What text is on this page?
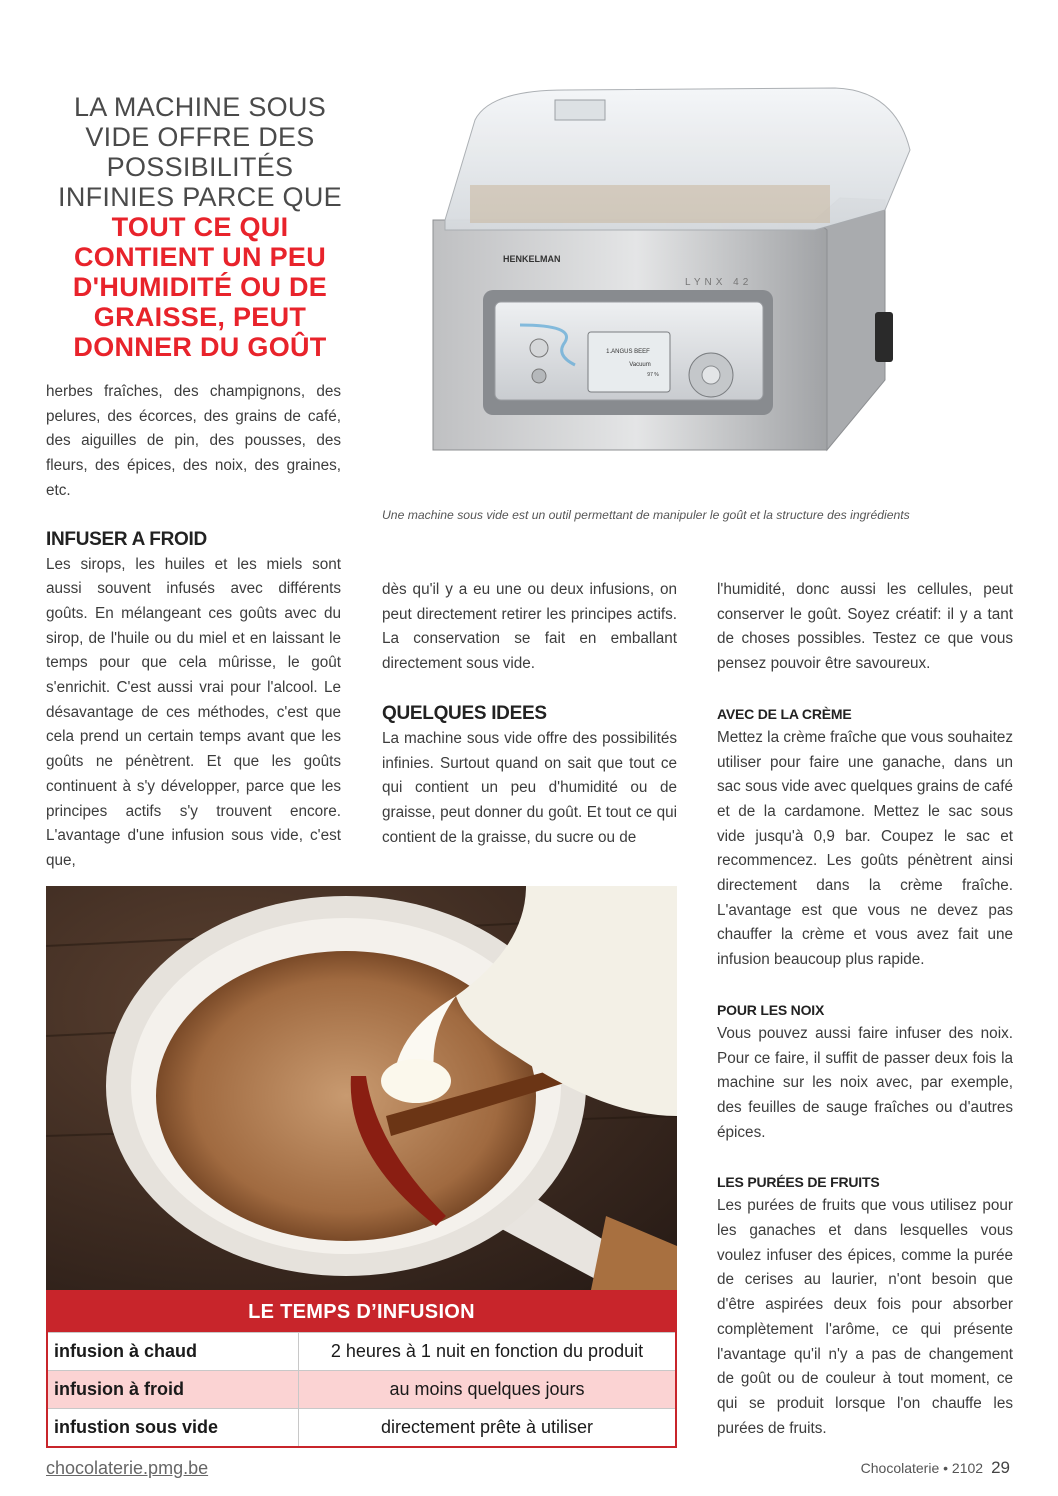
LA MACHINE SOUS VIDE OFFRE DES POSSIBILITÉS INFINIES PARCE QUE
TOUT CE QUI CONTIENT UN PEU D'HUMIDITÉ OU DE GRAISSE, PEUT DONNER DU GOÛT
HENKELMAN
LYNX 42
1.ANGUS BEEF
Vacuum
97 %
Une machine sous vide est un outil permettant de manipuler le goût et la structure des ingrédients

herbes fraîches, des champignons, des pelures, des écorces, des grains de café, des aiguilles de pin, des pousses, des fleurs, des épices, des noix, des graines, etc.

INFUSER A FROID

Les sirops, les huiles et les miels sont aussi souvent infusés avec différents goûts. En mélangeant ces goûts avec du sirop, de l'huile ou du miel et en laissant le temps pour que cela mûrisse, le goût s'enrichit. C'est aussi vrai pour l'alcool. Le désavantage de ces méthodes, c'est que cela prend un certain temps avant que les goûts ne pénètrent. Et que les goûts continuent à s'y développer, parce que les principes actifs s'y trouvent encore. L'avantage d'une infusion sous vide, c'est que,

dès qu'il y a eu une ou deux infusions, on peut directement retirer les principes actifs. La conservation se fait en emballant directement sous vide.

QUELQUES IDEES

La machine sous vide offre des possibilités infinies. Surtout quand on sait que tout ce qui contient un peu d'humidité ou de graisse, peut donner du goût. Et tout ce qui contient de la graisse, du sucre ou de

l'humidité, donc aussi les cellules, peut conserver le goût. Soyez créatif: il y a tant de choses possibles. Testez ce que vous pensez pouvoir être savoureux.

AVEC DE LA CRÈME

Mettez la crème fraîche que vous souhaitez utiliser pour faire une ganache, dans un sac sous vide avec quelques grains de café et de la cardamone. Mettez le sac sous vide jusqu'à 0,9 bar. Coupez le sac et recommencez. Les goûts pénètrent ainsi directement dans la crème fraîche. L'avantage est que vous ne devez pas chauffer la crème et vous avez fait une infusion beaucoup plus rapide.

POUR LES NOIX

Vous pouvez aussi faire infuser des noix. Pour ce faire, il suffit de passer deux fois la machine sur les noix avec, par exemple, des feuilles de sauge fraîches ou d'autres épices.

LES PURÉES DE FRUITS

Les purées de fruits que vous utilisez pour les ganaches et dans lesquelles vous voulez infuser des épices, comme la purée de cerises au laurier, n'ont besoin que d'être aspirées deux fois pour absorber complètement l'arôme, ce qui présente l'avantage qu'il n'y a pas de changement de goût ou de couleur à tout moment, ce qui se produit lorsque l'on chauffe les purées de fruits.

LE TEMPS D’INFUSION
infusion à chaud	2 heures à 1 nuit en fonction du produit
infusion à froid	au moins quelques jours
infustion sous vide	directement prête à utiliser
chocolaterie.pmg.be	Chocolaterie • 2102 29
